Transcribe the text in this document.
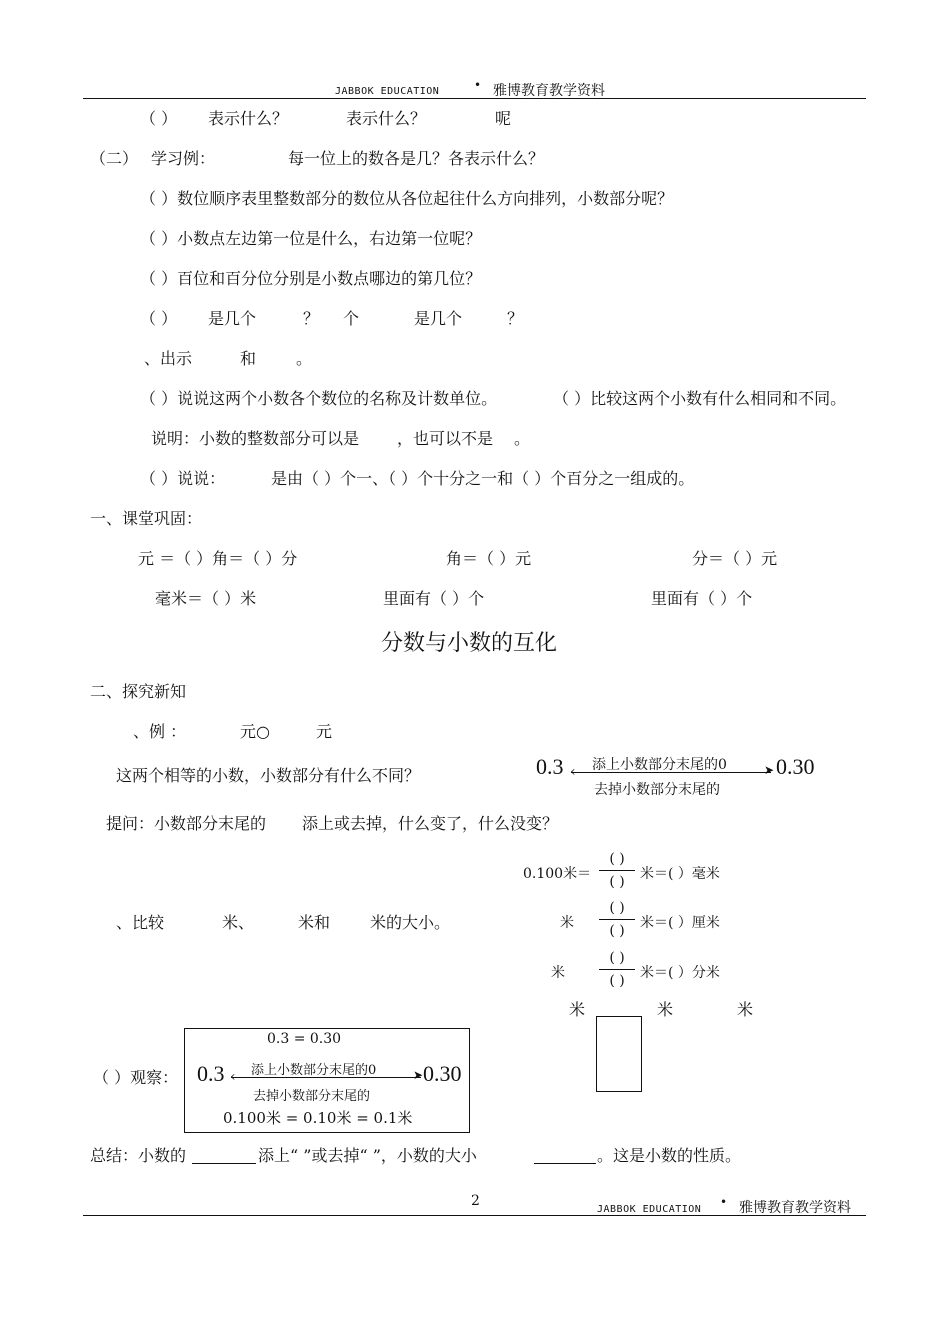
JABBOK EDUCATION	• 雅博教育教学资料
（ ） 表示什么？	表示什么？	呢
（二） 学习例：	每一位上的数各是几？各表示什么？
（ ）数位顺序表里整数部分的数位从各位起往什么方向排列，小数部分呢？
（ ）小数点左边第一位是什么，右边第一位呢？
（ ）百位和百分位分别是小数点哪边的第几位？
（ ） 是几个	？ 个	是几个	？
、出示	和 。
（ ）说说这两个小数各个数位的名称及计数单位。	（ ）比较这两个小数有什么相同和不同。
说明：小数的整数部分可以是 ，也可以不是 。
（ ）说说：	是由（ ）个一、（ ）个十分之一和（ ）个百分之一组成的。
一、课堂巩固：
元 ＝（ ）角＝（ ）分	角＝（ ）元	分＝（ ）元
毫米＝（ ）米	里面有（ ）个	里面有（ ）个
分数与小数的互化
二、探究新知
、例 ：	元○	元
这两个相等的小数，小数部分有什么不同？	0.3 添上小数部分末尾的0	➤
‹
去掉小数部分末尾的
0.30
提问：小数部分末尾的 添上或去掉，什么变了，什么没变？
0.100米＝
( )
( )	米＝( ）毫米
米
( )
( )	米＝( ）厘米
米
( )
( )	米＝( ）分米
米	米	米
、比较	米、	米和 米的大小。
（ ）观察：
0.3 = 0.30
0.3 添上小数部分末尾的0	➤
‹
去掉小数部分末尾的
0.30
0.100米 = 0.10米 = 0.1米
总结：小数的	添上“ ”或去掉“ ”，小数的大小	。这是小数的性质。
2
JABBOK EDUCATION
• 雅博教育教学资料
